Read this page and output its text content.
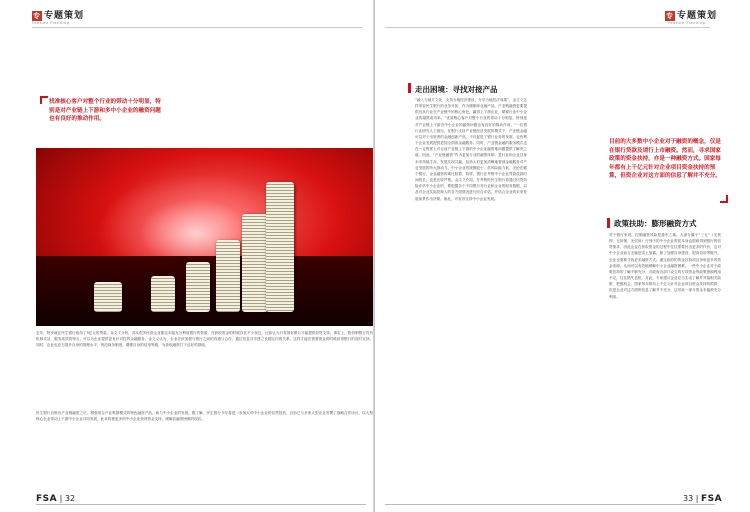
专 专题策划
Feature Planning
找准核心客户对整个行业的带动十分明显，特别是对产业链上下游和多中小企业的融资问题也有良好的推动作用。
去年，特步就在民生银行取得了3亿元的贷款。金文义分析，其实很多民营企业都还未能充分利用银行的资源，在获取资金的时候存在不少误区，比如认为只有国有银行才能提供信贷支持。事实上，股份制银行具有机制灵活、服务高效的特点，可以为企业提供更有针对性的金融服务。金文义认为，企业应该加强与银行之间的沟通与合作，通过信息共享建立长期互信的关系，这样才能在需要资金的时候获得银行的及时支持。同时，企业也应当提升自身的管理水平，规范财务制度，增强自身的信用等级，为获取融资打下良好的基础。
民生银行自推出产业链融资之后，增强适合产业集群模式的特色融资产品，助力中小企业的发展。据了解，民生银行今年将进一步加大对中小企业的信贷投放，目前已与多家大型企业签署了战略合作协议，以大型核心企业带动上下游中小企业共同发展。此举将使更多的中小企业获得资金支持，缓解其融资困难的现状。
FSA | 32
专 专题策划
Feature Planning
走出困境：寻找对接产品
“融入与地方文化、支持当地经济建设，分享当地经济成果”，金文义这样形容民生银行的业务开拓，作为刚刚举业融产品，产业链融资更要提供宜从行业在产业链中的核心角色，赢得上下游企业，紧紧行业中小企业的融资成功率。“优质核心客户对整个行业的带动十分明显，特别是对产业链上下游各中小企业的融资问题也有良好的推动作用。”一位银行业研究人士指出，在银行支持产业链经济发展的模式下，产业链金融可以对于出资者的金融创新产品，不仅促进了银行业务的发展，也有利于企业发展提供更加全面的金融服务。同时，产业链金融的服务模式也在一定程度上对目前产业链上下游的中小企业融资难问题提供了解决之道。因此，“产业链融资”作为更加专业的融资体制，是行业和企业自身未来持续生存、发展实现共赢，包括人们更加清晰地看到金融服务对产业发展的所大推动力。中小企业的规模较小，抗风险能力低，无论在哪个银行，企业融资的难比较着，同样，银行在考察中小企业贷款放款时间较长，也是比较严格。金文义介绍，在考察时民生银行将通过信贷风险评估中小企业的，要根据各个不同银行对行业和企业的财务数据，以及对企业实际控制人的各方面情况进行综合评估，并结合企业的未来发展前景作出决策。如此，可有效支持中小企业发展。
目前的大多数中小企业对于融资的概念，仅是在银行贷款及请行上市融资。然而，寻求国家政策的资金扶持，亦是一种融资方式。国家每年都有上千亿元针对企业项目资金扶持的预算，但资企业对这方面的信息了解并不充分。
政策扶助：膨形融资方式
对于银行来说，控制融资风险是重中之重。大部分属于“三无”（无抵押、无担保、无信用）行列中的中小企业资质本身也很难得到银行的信贷需求，因此企业在获取资金的过程中往往需要付出更多的代价，这对中小企业而言无疑是雪上加霜。除了加强自身建设、提高信用等级外，企业也需要寻找更多融资方式。通过政府的资金扶持项目争取更多的资金来源，从而可以有效地缓解中小企业融资困难。一些中小企业对于政策扶持的了解不够充分，对政府各部门设立的专项资金等政策资源利用不足，往往错失良机。对此，专家建议企业应当主动了解并对接相关政策，把握机会。国家每年都有上千亿元针对企业项目资金扶持的预算，但是企业对这方面的信息了解并不充分，这导致一部分资金未能被充分利用。
33 | FSA
